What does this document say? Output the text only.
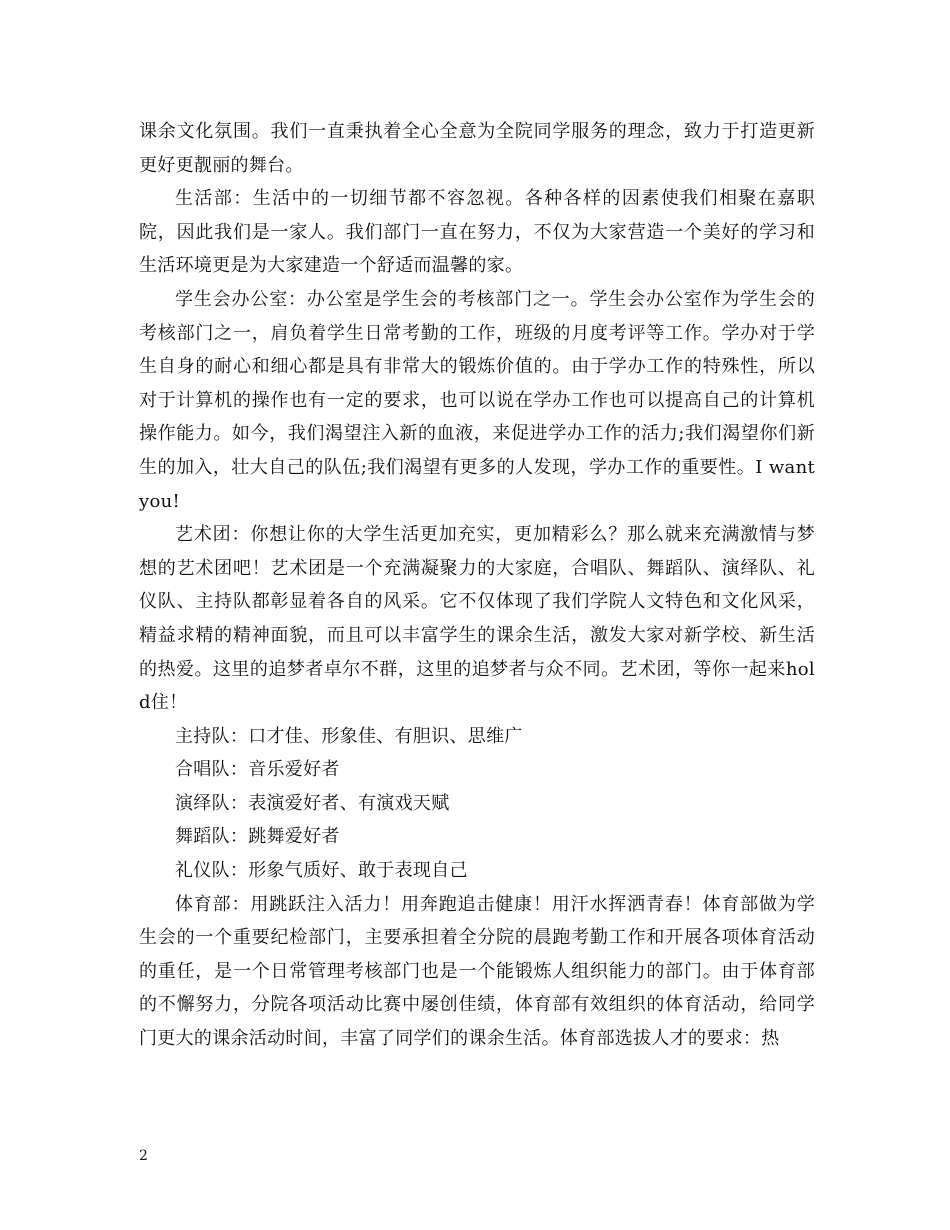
课余文化氛围。我们一直秉执着全心全意为全院同学服务的理念，致力于打造更新更好更靓丽的舞台。

生活部：生活中的一切细节都不容忽视。各种各样的因素使我们相聚在嘉职院，因此我们是一家人。我们部门一直在努力，不仅为大家营造一个美好的学习和生活环境更是为大家建造一个舒适而温馨的家。

学生会办公室：办公室是学生会的考核部门之一。学生会办公室作为学生会的考核部门之一，肩负着学生日常考勤的工作，班级的月度考评等工作。学办对于学生自身的耐心和细心都是具有非常大的锻炼价值的。由于学办工作的特殊性，所以对于计算机的操作也有一定的要求，也可以说在学办工作也可以提高自己的计算机操作能力。如今，我们渴望注入新的血液，来促进学办工作的活力;我们渴望你们新生的加入，壮大自己的队伍;我们渴望有更多的人发现，学办工作的重要性。I want you!

艺术团：你想让你的大学生活更加充实，更加精彩么？那么就来充满激情与梦想的艺术团吧！艺术团是一个充满凝聚力的大家庭，合唱队、舞蹈队、演绎队、礼仪队、主持队都彰显着各自的风采。它不仅体现了我们学院人文特色和文化风采，精益求精的精神面貌，而且可以丰富学生的课余生活，激发大家对新学校、新生活的热爱。这里的追梦者卓尔不群，这里的追梦者与众不同。艺术团，等你一起来hold住！

主持队：口才佳、形象佳、有胆识、思维广

合唱队：音乐爱好者

演绎队：表演爱好者、有演戏天赋

舞蹈队：跳舞爱好者

礼仪队：形象气质好、敢于表现自己

体育部：用跳跃注入活力！用奔跑追击健康！用汗水挥洒青春！体育部做为学生会的一个重要纪检部门，主要承担着全分院的晨跑考勤工作和开展各项体育活动的重任，是一个日常管理考核部门也是一个能锻炼人组织能力的部门。由于体育部的不懈努力，分院各项活动比赛中屡创佳绩，体育部有效组织的体育活动，给同学门更大的课余活动时间，丰富了同学们的课余生活。体育部选拔人才的要求：热

2
